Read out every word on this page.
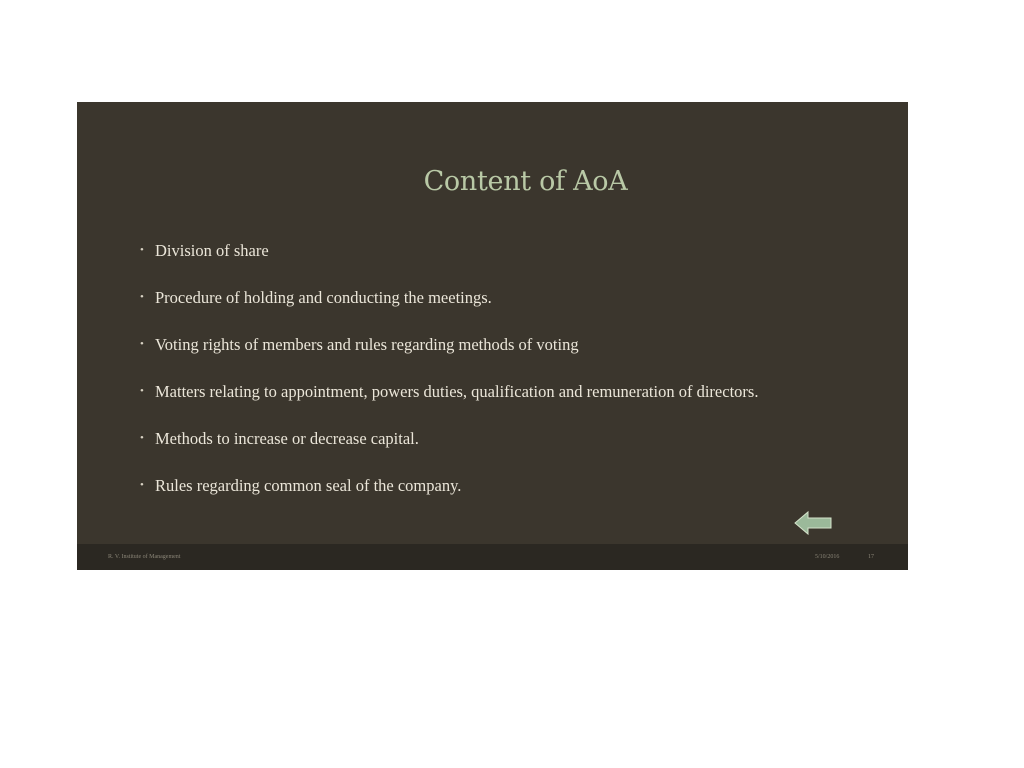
Content of AoA
• Division of share
• Procedure of holding and conducting the meetings.
• Voting rights of members and rules regarding methods of voting
• Matters relating to appointment, powers duties, qualification and remuneration of directors.
• Methods to increase or decrease capital.
• Rules regarding common seal of the company.
R. V. Institute of Management	5/10/2016	17
